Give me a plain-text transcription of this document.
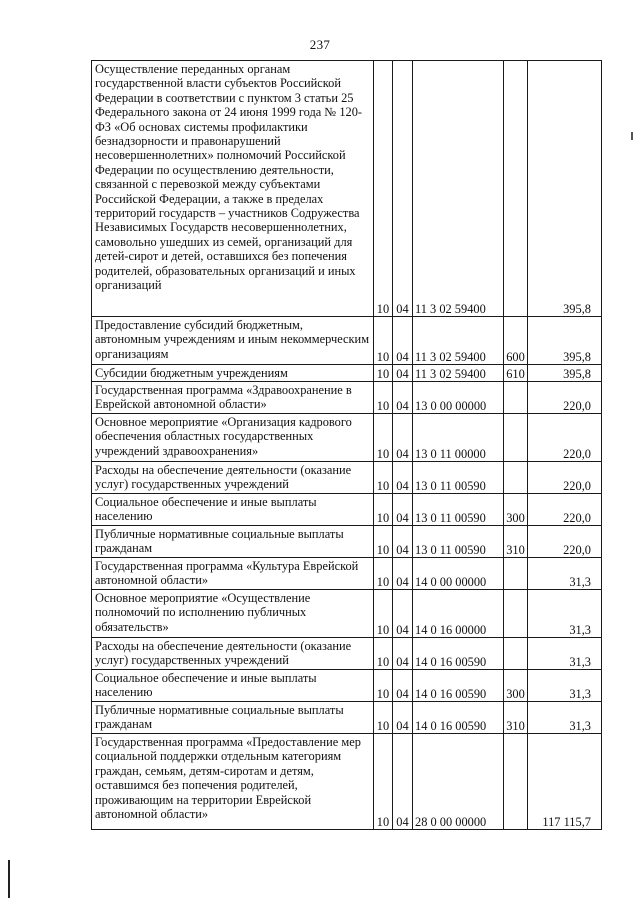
237
Осуществление переданных органам государственной власти субъектов Российской Федерации в соответствии с пунктом 3 статьи 25 Федерального закона от 24 июня 1999 года № 120-ФЗ «Об основах системы профилактики безнадзорности и правонарушений несовершеннолетних» полномочий Российской Федерации по осуществлению деятельности, связанной с перевозкой между субъектами Российской Федерации, а также в пределах территорий государств – участников Содружества Независимых Государств несовершеннолетних, самовольно ушедших из семей, организаций для детей-сирот и детей, оставшихся без попечения родителей, образовательных организаций и иных организаций	10	04	11 3 02 59400		395,8
Предоставление субсидий бюджетным, автономным учреждениям и иным некоммерческим организациям	10	04	11 3 02 59400	600	395,8
Субсидии бюджетным учреждениям	10	04	11 3 02 59400	610	395,8
Государственная программа «Здравоохранение в Еврейской автономной области»	10	04	13 0 00 00000		220,0
Основное мероприятие «Организация кадрового обеспечения областных государственных учреждений здравоохранения»	10	04	13 0 11 00000		220,0
Расходы на обеспечение деятельности (оказание услуг) государственных учреждений	10	04	13 0 11 00590		220,0
Социальное обеспечение и иные выплаты населению	10	04	13 0 11 00590	300	220,0
Публичные нормативные социальные выплаты гражданам	10	04	13 0 11 00590	310	220,0
Государственная программа «Культура Еврейской автономной области»	10	04	14 0 00 00000		31,3
Основное мероприятие «Осуществление полномочий по исполнению публичных обязательств»	10	04	14 0 16 00000		31,3
Расходы на обеспечение деятельности (оказание услуг) государственных учреждений	10	04	14 0 16 00590		31,3
Социальное обеспечение и иные выплаты населению	10	04	14 0 16 00590	300	31,3
Публичные нормативные социальные выплаты гражданам	10	04	14 0 16 00590	310	31,3
Государственная программа «Предоставление мер социальной поддержки отдельным категориям граждан, семьям, детям-сиротам и детям, оставшимся без попечения родителей, проживающим на территории Еврейской автономной области»	10	04	28 0 00 00000		117 115,7
